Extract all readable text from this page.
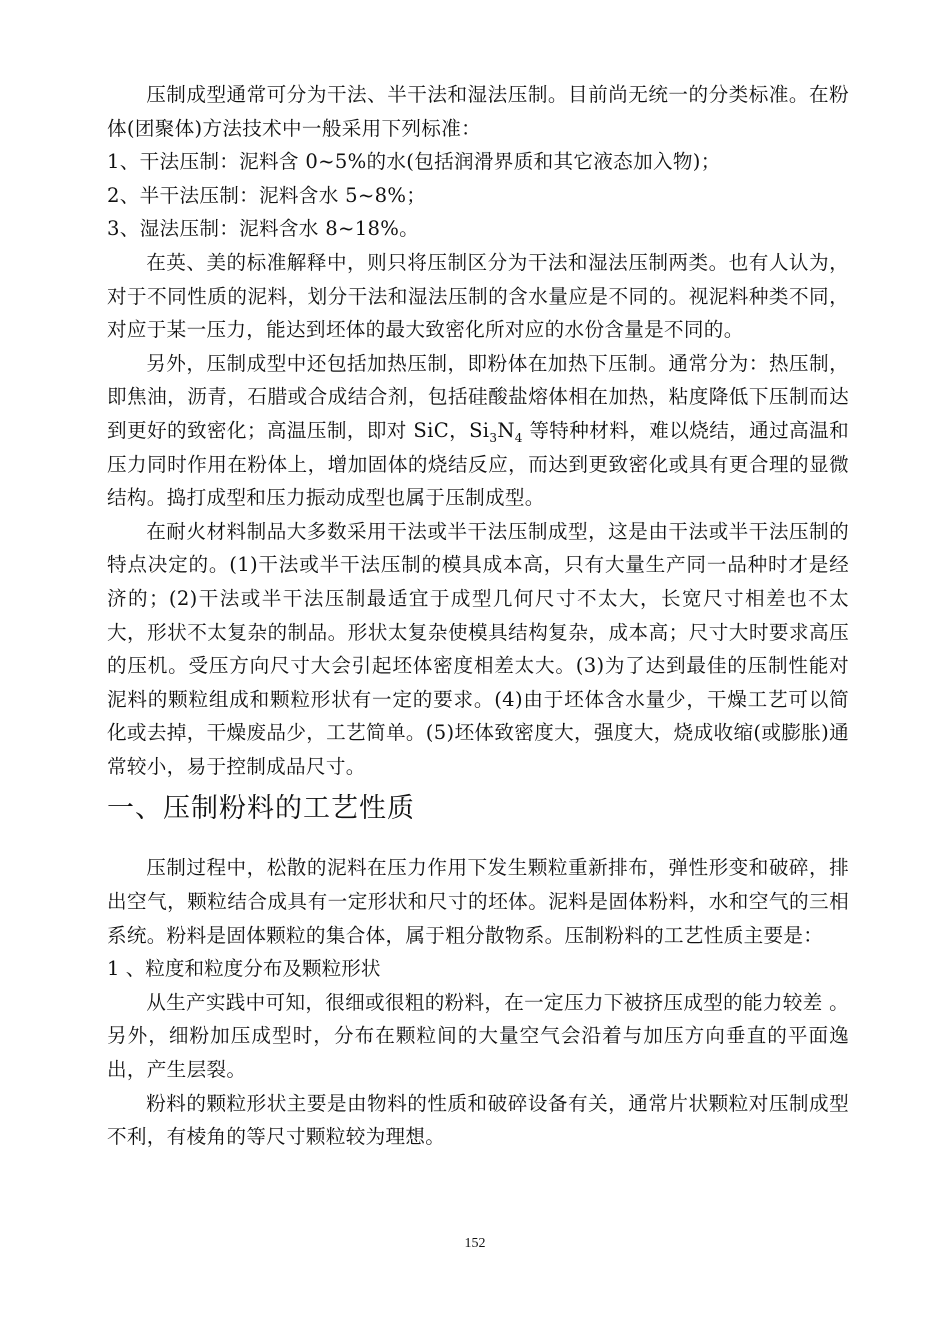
压制成型通常可分为干法、半干法和湿法压制。目前尚无统一的分类标准。在粉体(团聚体)方法技术中一般采用下列标准：

1、干法压制：泥料含 0~5%的水(包括润滑界质和其它液态加入物)；

2、半干法压制：泥料含水 5~8%；

3、湿法压制：泥料含水 8~18%。

在英、美的标准解释中，则只将压制区分为干法和湿法压制两类。也有人认为，对于不同性质的泥料，划分干法和湿法压制的含水量应是不同的。视泥料种类不同，对应于某一压力，能达到坯体的最大致密化所对应的水份含量是不同的。

另外，压制成型中还包括加热压制，即粉体在加热下压制。通常分为：热压制，即焦油，沥青，石腊或合成结合剂，包括硅酸盐熔体相在加热，粘度降低下压制而达到更好的致密化；高温压制，即对 SiC，$Si_3N_4$ 等特种材料，难以烧结，通过高温和压力同时作用在粉体上，增加固体的烧结反应，而达到更致密化或具有更合理的显微结构。捣打成型和压力振动成型也属于压制成型。

在耐火材料制品大多数采用干法或半干法压制成型，这是由干法或半干法压制的特点决定的。(1)干法或半干法压制的模具成本高，只有大量生产同一品种时才是经济的；(2)干法或半干法压制最适宜于成型几何尺寸不太大，长宽尺寸相差也不太大，形状不太复杂的制品。形状太复杂使模具结构复杂，成本高；尺寸大时要求高压的压机。受压方向尺寸大会引起坯体密度相差太大。(3)为了达到最佳的压制性能对泥料的颗粒组成和颗粒形状有一定的要求。(4)由于坯体含水量少，干燥工艺可以简化或去掉，干燥废品少，工艺简单。(5)坯体致密度大，强度大，烧成收缩(或膨胀)通常较小，易于控制成品尺寸。

一、压制粉料的工艺性质

压制过程中，松散的泥料在压力作用下发生颗粒重新排布，弹性形变和破碎，排出空气，颗粒结合成具有一定形状和尺寸的坯体。泥料是固体粉料，水和空气的三相系统。粉料是固体颗粒的集合体，属于粗分散物系。压制粉料的工艺性质主要是：

1 、粒度和粒度分布及颗粒形状

从生产实践中可知，很细或很粗的粉料，在一定压力下被挤压成型的能力较差 。另外，细粉加压成型时，分布在颗粒间的大量空气会沿着与加压方向垂直的平面逸出，产生层裂。

粉料的颗粒形状主要是由物料的性质和破碎设备有关，通常片状颗粒对压制成型不利，有棱角的等尺寸颗粒较为理想。

152
